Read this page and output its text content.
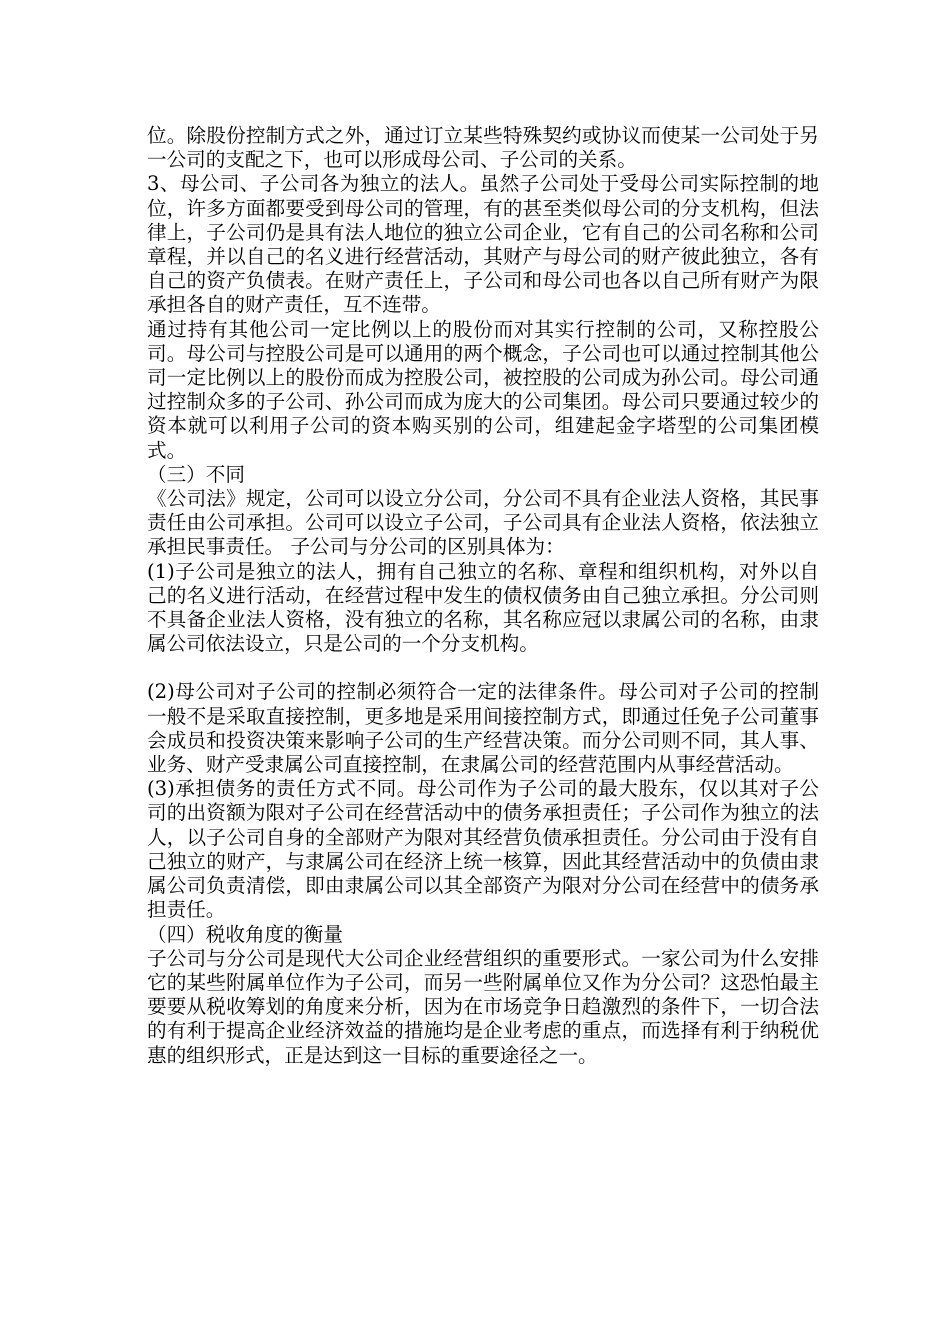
位。除股份控制方式之外，通过订立某些特殊契约或协议而使某一公司处于另一公司的支配之下，也可以形成母公司、子公司的关系。

3、母公司、子公司各为独立的法人。虽然子公司处于受母公司实际控制的地位，许多方面都要受到母公司的管理，有的甚至类似母公司的分支机构，但法律上，子公司仍是具有法人地位的独立公司企业，它有自己的公司名称和公司章程，并以自己的名义进行经营活动，其财产与母公司的财产彼此独立，各有自己的资产负债表。在财产责任上，子公司和母公司也各以自己所有财产为限承担各自的财产责任，互不连带。

通过持有其他公司一定比例以上的股份而对其实行控制的公司，又称控股公司。母公司与控股公司是可以通用的两个概念，子公司也可以通过控制其他公司一定比例以上的股份而成为控股公司，被控股的公司成为孙公司。母公司通过控制众多的子公司、孙公司而成为庞大的公司集团。母公司只要通过较少的资本就可以利用子公司的资本购买别的公司，组建起金字塔型的公司集团模式。

（三）不同

《公司法》规定，公司可以设立分公司，分公司不具有企业法人资格，其民事责任由公司承担。公司可以设立子公司，子公司具有企业法人资格，依法独立承担民事责任。 子公司与分公司的区别具体为：

(1)子公司是独立的法人，拥有自己独立的名称、章程和组织机构，对外以自己的名义进行活动，在经营过程中发生的债权债务由自己独立承担。分公司则不具备企业法人资格，没有独立的名称，其名称应冠以隶属公司的名称，由隶属公司依法设立，只是公司的一个分支机构。

(2)母公司对子公司的控制必须符合一定的法律条件。母公司对子公司的控制一般不是采取直接控制，更多地是采用间接控制方式，即通过任免子公司董事会成员和投资决策来影响子公司的生产经营决策。而分公司则不同，其人事、业务、财产受隶属公司直接控制，在隶属公司的经营范围内从事经营活动。

(3)承担债务的责任方式不同。母公司作为子公司的最大股东，仅以其对子公司的出资额为限对子公司在经营活动中的债务承担责任；子公司作为独立的法人，以子公司自身的全部财产为限对其经营负债承担责任。分公司由于没有自己独立的财产，与隶属公司在经济上统一核算，因此其经营活动中的负债由隶属公司负责清偿，即由隶属公司以其全部资产为限对分公司在经营中的债务承担责任。

（四）税收角度的衡量

子公司与分公司是现代大公司企业经营组织的重要形式。一家公司为什么安排它的某些附属单位作为子公司，而另一些附属单位又作为分公司？这恐怕最主要要从税收筹划的角度来分析，因为在市场竞争日趋激烈的条件下，一切合法的有利于提高企业经济效益的措施均是企业考虑的重点，而选择有利于纳税优惠的组织形式，正是达到这一目标的重要途径之一。
